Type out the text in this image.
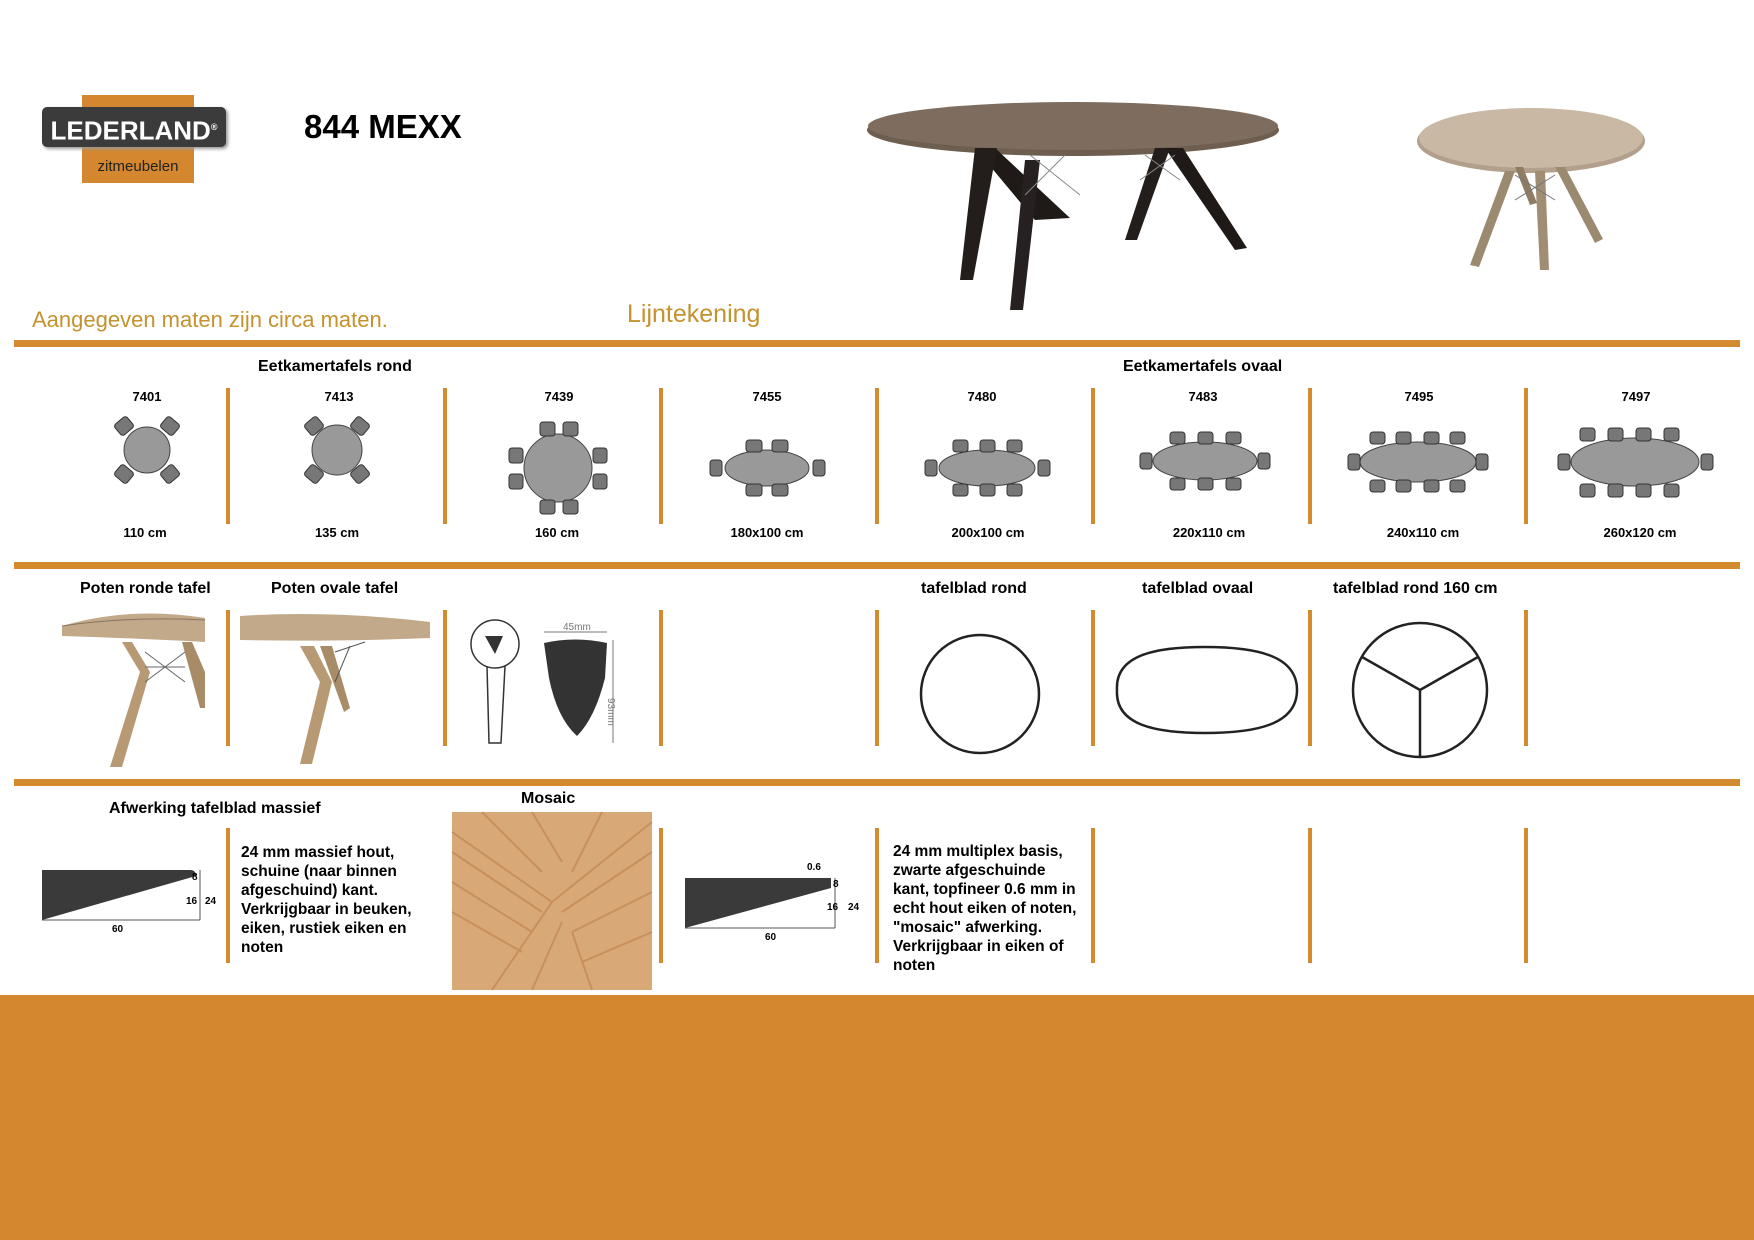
LEDERLAND®
zitmeubelen
844 MEXX
Aangegeven maten zijn circa maten.	Lijntekening
Eetkamertafels rond	Eetkamertafels ovaal
7401	7413	7439	7455	7480	7483	7495	7497
110 cm	135 cm	160 cm	180x100 cm	200x100 cm	220x110 cm	240x110 cm	260x120 cm
Poten ronde tafel	Poten ovale tafel	tafelblad rond	tafelblad ovaal	tafelblad rond 160 cm
45mm
93mm
Afwerking tafelblad massief
Mosaic
8
16 24
60
24 mm massief hout,
schuine (naar binnen
afgeschuind) kant.
Verkrijgbaar in beuken,
eiken, rustiek eiken en
noten
0.6
8
16 24
60
24 mm multiplex basis,
zwarte afgeschuinde
kant, topfineer 0.6 mm in
echt hout eiken of noten,
"mosaic" afwerking.
Verkrijgbaar in eiken of
noten
